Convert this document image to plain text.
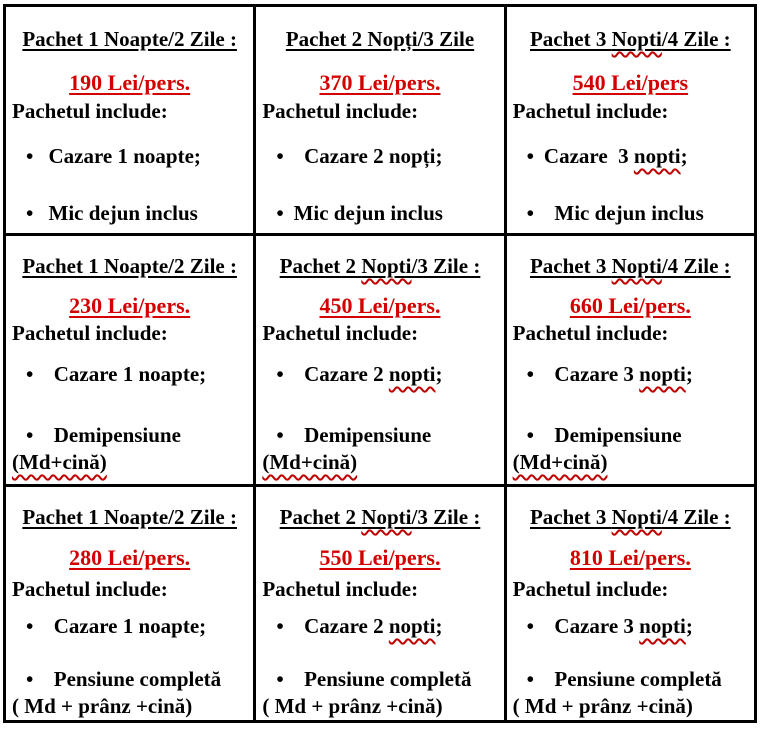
Pachet 1 Noapte/2 Zile :
190 Lei/pers.
Pachetul include:
•  Cazare 1 noapte;
•  Mic dejun inclus

Pachet 2 Nopți/3 Zile
370 Lei/pers.
Pachetul include:
•   Cazare 2 nopți;
• Mic dejun inclus

Pachet 3 Nopti/4 Zile :
540 Lei/pers
Pachetul include:
• Cazare  3 nopti;
•   Mic dejun inclus

Pachet 1 Noapte/2 Zile :
230 Lei/pers.
Pachetul include:
•   Cazare 1 noapte;
•   Demipensiune
(Md+cină)

Pachet 2 Nopti/3 Zile :
450 Lei/pers.
Pachetul include:
•   Cazare 2 nopti;
•   Demipensiune
(Md+cină)

Pachet 3 Nopti/4 Zile :
660 Lei/pers.
Pachetul include:
•   Cazare 3 nopti;
•   Demipensiune
(Md+cină)

Pachet 1 Noapte/2 Zile :
280 Lei/pers.
Pachetul include:
•   Cazare 1 noapte;
•   Pensiune completă
( Md + prânz +cină)

Pachet 2 Nopti/3 Zile :
550 Lei/pers.
Pachetul include:
•   Cazare 2 nopti;
•   Pensiune completă
( Md + prânz +cină)

Pachet 3 Nopti/4 Zile :
810 Lei/pers.
Pachetul include:
•   Cazare 3 nopti;
•   Pensiune completă
( Md + prânz +cină)
